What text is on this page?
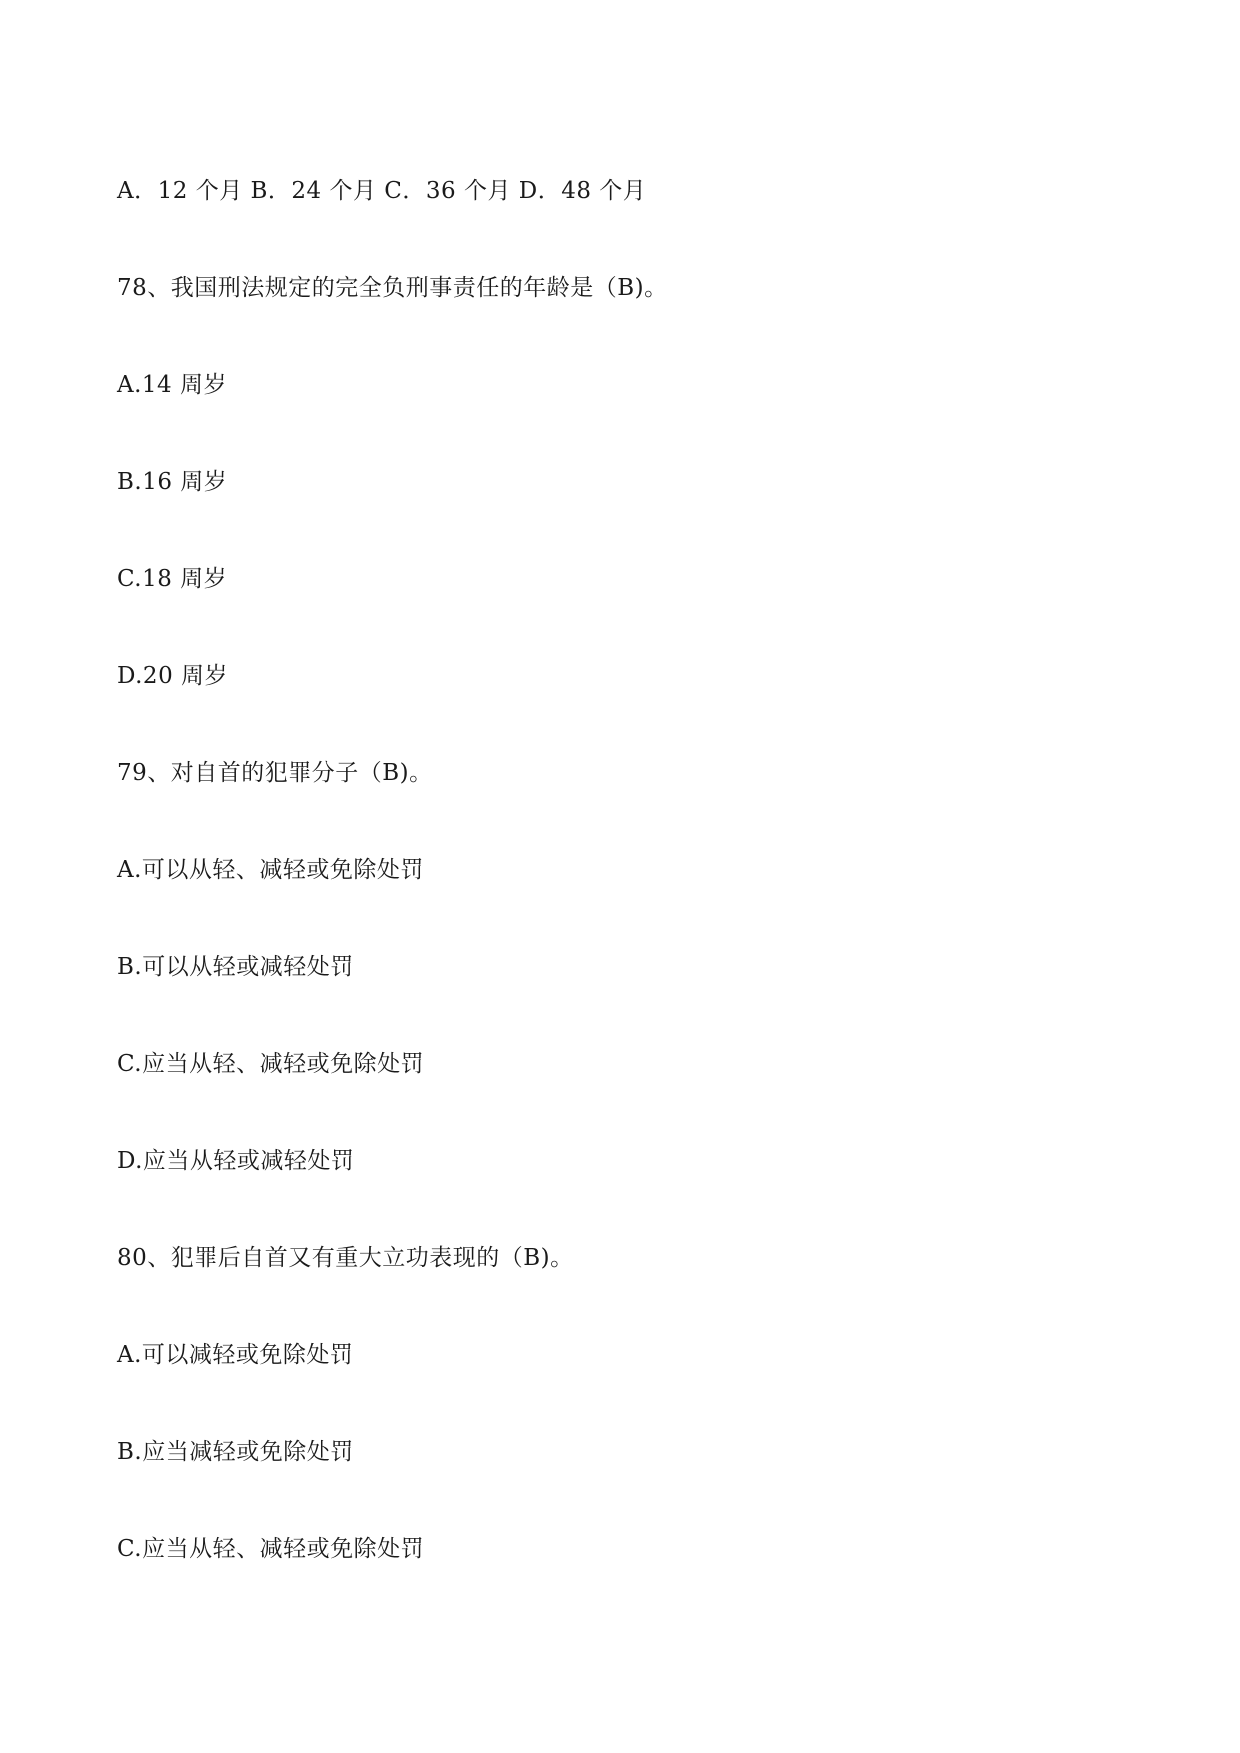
A．12 个月 B．24 个月 C．36 个月 D．48 个月

78、我国刑法规定的完全负刑事责任的年龄是（B)。

A.14 周岁

B.16 周岁

C.18 周岁

D.20 周岁

79、对自首的犯罪分子（B)。

A.可以从轻、减轻或免除处罚

B.可以从轻或减轻处罚

C.应当从轻、减轻或免除处罚

D.应当从轻或减轻处罚

80、犯罪后自首又有重大立功表现的（B)。

A.可以减轻或免除处罚

B.应当减轻或免除处罚

C.应当从轻、减轻或免除处罚
